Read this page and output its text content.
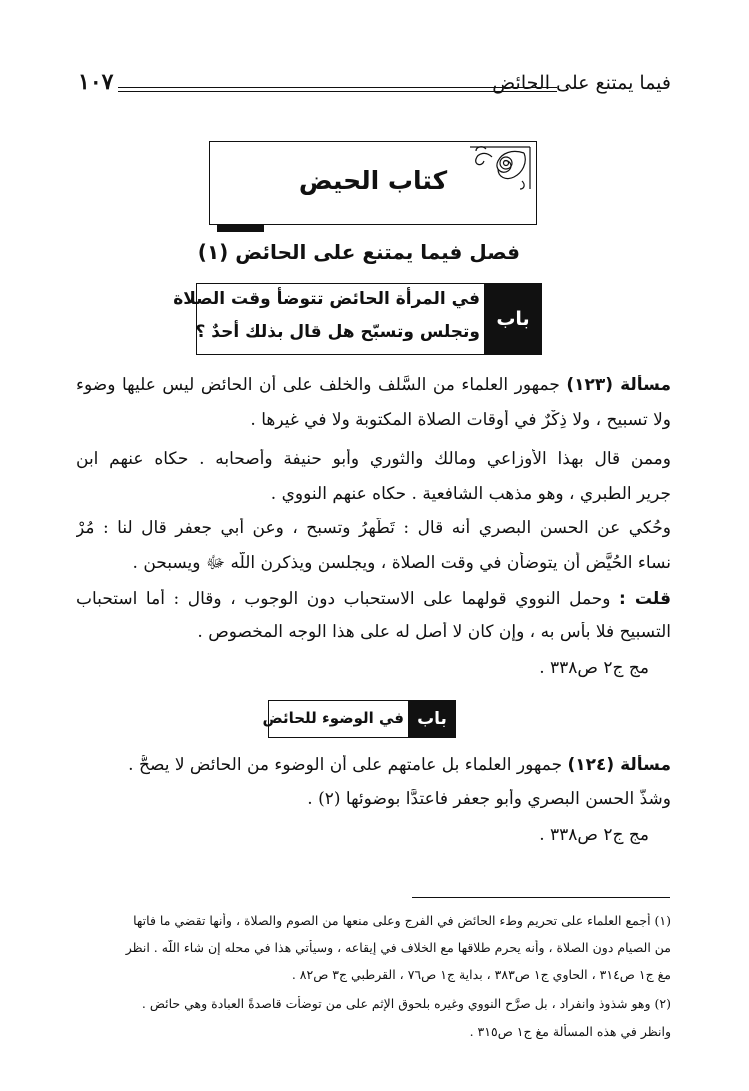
فيما يمتنع على الحائض
١٠٧
كتاب الحيض
فصل فيما يمتنع على الحائض (١)
باب
في المرأة الحائض تتوضأ وقت الصلاة
وتجلس وتسبّح هل قال بذلك أحدٌ ؟
مسألة (١٢٣) جمهور العلماء من السَّلف والخلف على أن الحائض ليس عليها وضوء
ولا تسبيح ، ولا ذِكْرٌ في أوقات الصلاة المكتوبة ولا في غيرها .
وممن قال بهذا الأوزاعي ومالك والثوري وأبو حنيفة وأصحابه . حكاه عنهم ابن
جرير الطبري ، وهو مذهب الشافعية . حكاه عنهم النووي .
وحُكي عن الحسن البصري أنه قال : تَطَّهرُ وتسبح ، وعن أبي جعفر قال لنا : مُرْ
نساء الحُيَّض أن يتوضأن في وقت الصلاة ، ويجلسن ويذكرن اللّه ﷻ ويسبحن .
قلت : وحمل النووي قولهما على الاستحباب دون الوجوب ، وقال : أما استحباب
التسبيح فلا بأس به ، وإن كان لا أصل له على هذا الوجه المخصوص .
مج ج٢ ص٣٣٨ .
باب
في الوضوء للحائض
مسألة (١٢٤) جمهور العلماء بل عامتهم على أن الوضوء من الحائض لا يصحُّ .
وشذَّ الحسن البصري وأبو جعفر فاعتدَّا بوضوئها (٢) .
مج ج٢ ص٣٣٨ .
(١) أجمع العلماء على تحريم وطء الحائض في الفرج وعلى منعها من الصوم والصلاة ، وأنها تقضي ما فاتها
من الصيام دون الصلاة ، وأنه يحرم طلاقها مع الخلاف في إيقاعه ، وسيأتي هذا في محله إن شاء اللّه . انظر
مغ ج١ ص٣١٤ ، الحاوي ج١ ص٣٨٣ ، بداية ج١ ص٧٦ ، القرطبي ج٣ ص٨٢ .
(٢) وهو شذوذ وانفراد ، بل صرَّح النووي وغيره بلحوق الإثم على من توضأت قاصدةً العبادة وهي حائض .
وانظر في هذه المسألة مغ ج١ ص٣١٥ .
